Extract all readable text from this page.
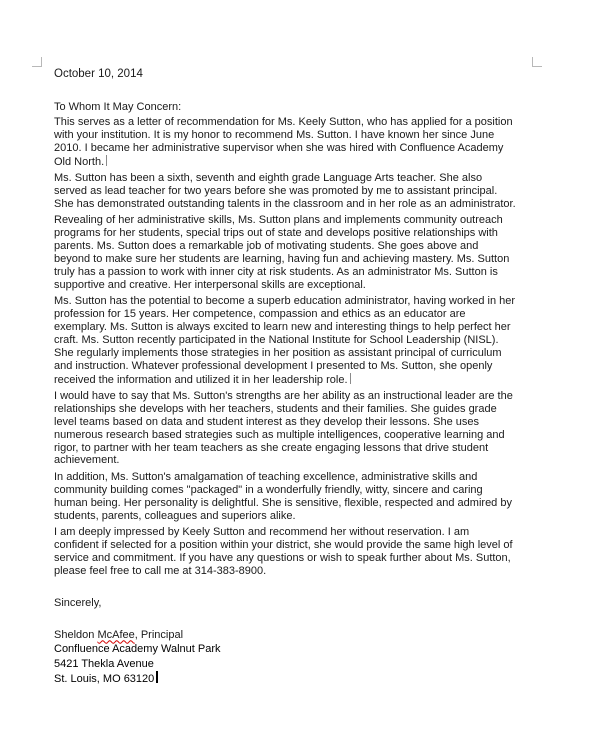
October 10, 2014

To Whom It May Concern:

This serves as a letter of recommendation for Ms. Keely Sutton, who has applied for a position with your institution. It is my honor to recommend Ms. Sutton. I have known her since June 2010. I became her administrative supervisor when she was hired with Confluence Academy Old North.

Ms. Sutton has been a sixth, seventh and eighth grade Language Arts teacher. She also served as lead teacher for two years before she was promoted by me to assistant principal. She has demonstrated outstanding talents in the classroom and in her role as an administrator.

Revealing of her administrative skills, Ms. Sutton plans and implements community outreach programs for her students, special trips out of state and develops positive relationships with parents. Ms. Sutton does a remarkable job of motivating students. She goes above and beyond to make sure her students are learning, having fun and achieving mastery. Ms. Sutton truly has a passion to work with inner city at risk students. As an administrator Ms. Sutton is supportive and creative. Her interpersonal skills are exceptional.

Ms. Sutton has the potential to become a superb education administrator, having worked in her profession for 15 years. Her competence, compassion and ethics as an educator are exemplary. Ms. Sutton is always excited to learn new and interesting things to help perfect her craft. Ms. Sutton recently participated in the National Institute for School Leadership (NISL). She regularly implements those strategies in her position as assistant principal of curriculum and instruction. Whatever professional development I presented to Ms. Sutton, she openly received the information and utilized it in her leadership role.

I would have to say that Ms. Sutton's strengths are her ability as an instructional leader are the relationships she develops with her teachers, students and their families. She guides grade level teams based on data and student interest as they develop their lessons. She uses numerous research based strategies such as multiple intelligences, cooperative learning and rigor, to partner with her team teachers as she create engaging lessons that drive student achievement.

In addition, Ms. Sutton's amalgamation of teaching excellence, administrative skills and community building comes "packaged" in a wonderfully friendly, witty, sincere and caring human being. Her personality is delightful. She is sensitive, flexible, respected and admired by students, parents, colleagues and superiors alike.

I am deeply impressed by Keely Sutton and recommend her without reservation. I am confident if selected for a position within your district, she would provide the same high level of service and commitment. If you have any questions or wish to speak further about Ms. Sutton, please feel free to call me at 314-383-8900.

Sincerely,

Sheldon McAfee, Principal

Confluence Academy Walnut Park

5421 Thekla Avenue

St. Louis, MO 63120
